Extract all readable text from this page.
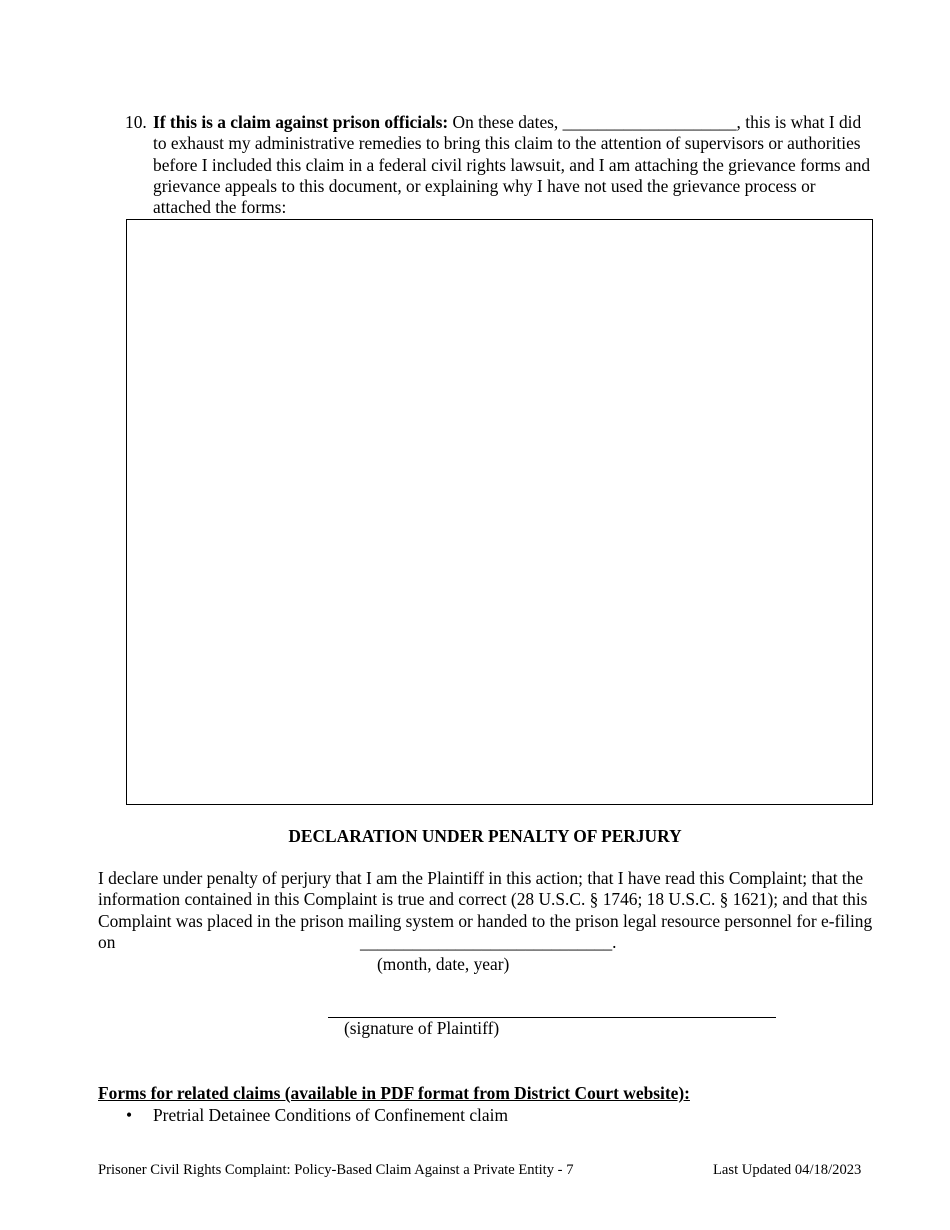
10. If this is a claim against prison officials: On these dates, ____________________, this is what I did to exhaust my administrative remedies to bring this claim to the attention of supervisors or authorities before I included this claim in a federal civil rights lawsuit, and I am attaching the grievance forms and grievance appeals to this document, or explaining why I have not used the grievance process or attached the forms:
DECLARATION UNDER PENALTY OF PERJURY
I declare under penalty of perjury that I am the Plaintiff in this action; that I have read this Complaint; that the information contained in this Complaint is true and correct (28 U.S.C. § 1746; 18 U.S.C. § 1621); and that this Complaint was placed in the prison mailing system or handed to the prison legal resource personnel for e-filing on	_____________________________.
(month, date, year)
(signature of Plaintiff)
Forms for related claims (available in PDF format from District Court website):
• Pretrial Detainee Conditions of Confinement claim
Prisoner Civil Rights Complaint: Policy-Based Claim Against a Private Entity - 7	Last Updated 04/18/2023
